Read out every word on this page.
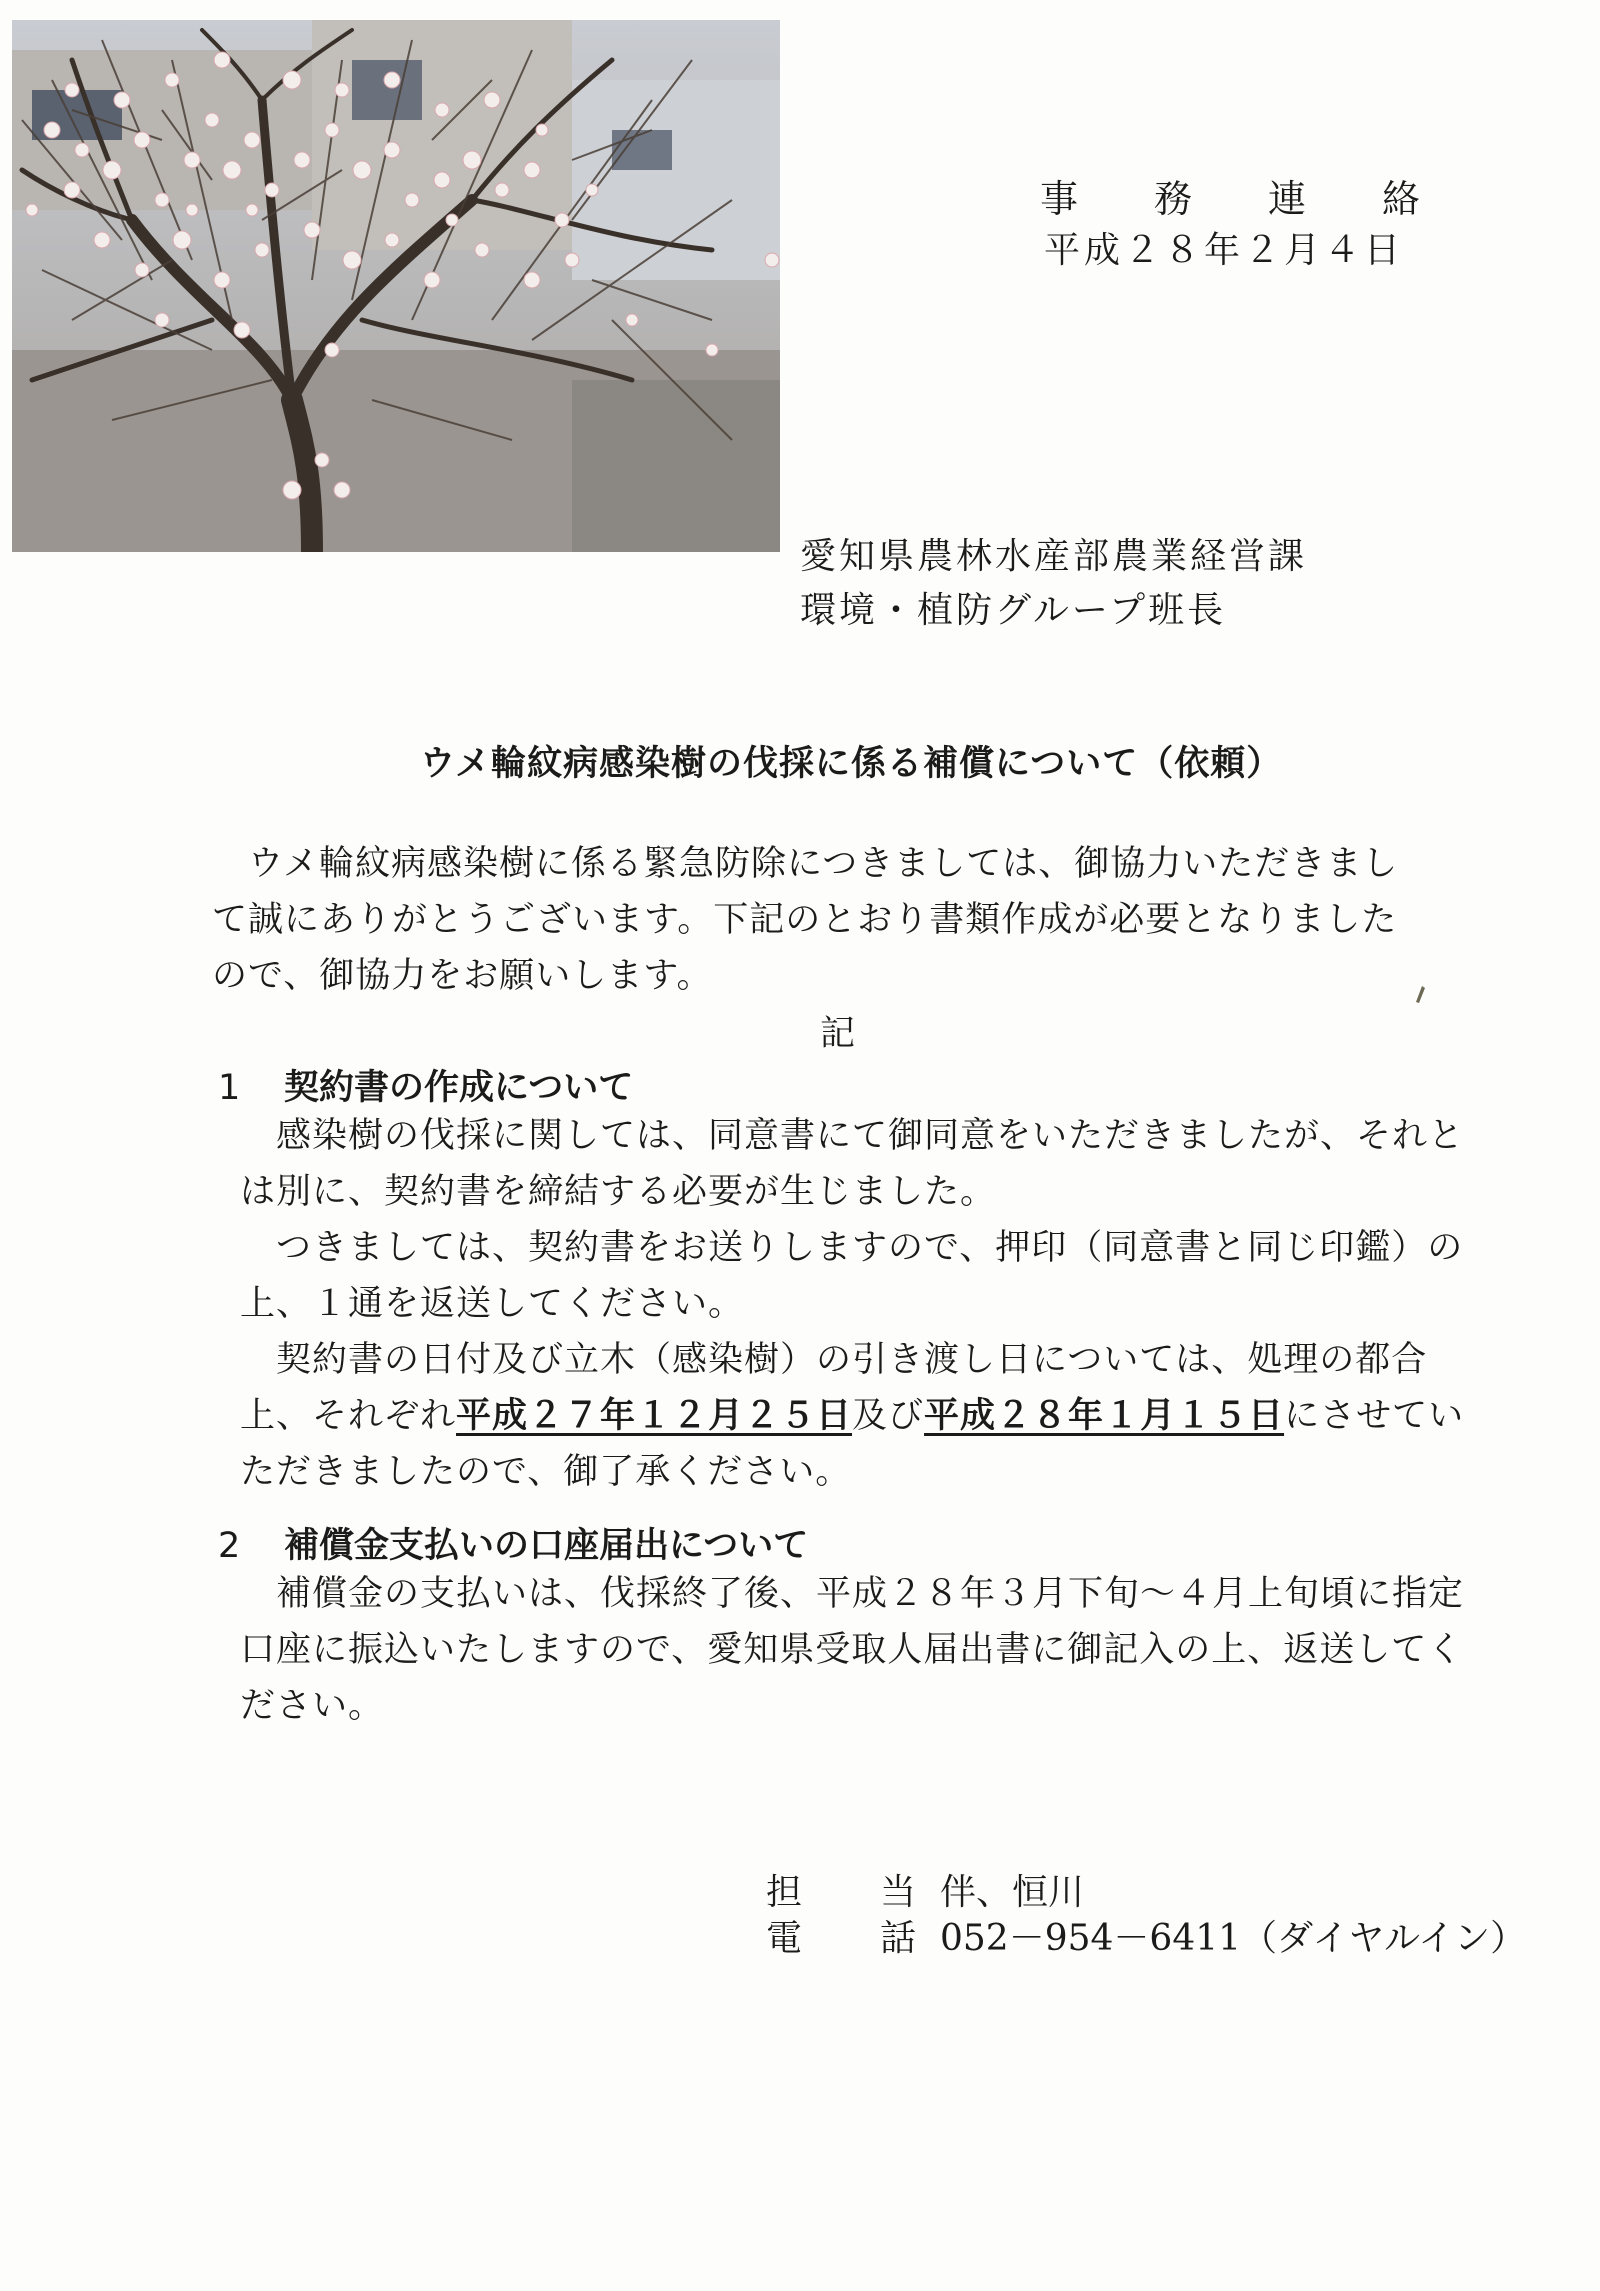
事 務 連 絡
平成２８年２月４日
愛知県農林水産部農業経営課
環境・植防グループ班長
ウメ輪紋病感染樹の伐採に係る補償について（依頼）
ウメ輪紋病感染樹に係る緊急防除につきましては、御協力いただきまし
て誠にありがとうございます。下記のとおり書類作成が必要となりました
ので、御協力をお願いします。
記
1 契約書の作成について

感染樹の伐採に関しては、同意書にて御同意をいただきましたが、それとは別に、契約書を締結する必要が生じました。

つきましては、契約書をお送りしますので、押印（同意書と同じ印鑑）の上、１通を返送してください。

契約書の日付及び立木（感染樹）の引き渡し日については、処理の都合上、それぞれ平成２７年１２月２５日及び平成２８年１月１５日にさせていただきましたので、御了承ください。

2 補償金支払いの口座届出について

補償金の支払いは、伐採終了後、平成２８年３月下旬～４月上旬頃に指定口座に振込いたしますので、愛知県受取人届出書に御記入の上、返送してください。

担 当 伴、恒川
電 話 052－954－6411（ダイヤルイン）
